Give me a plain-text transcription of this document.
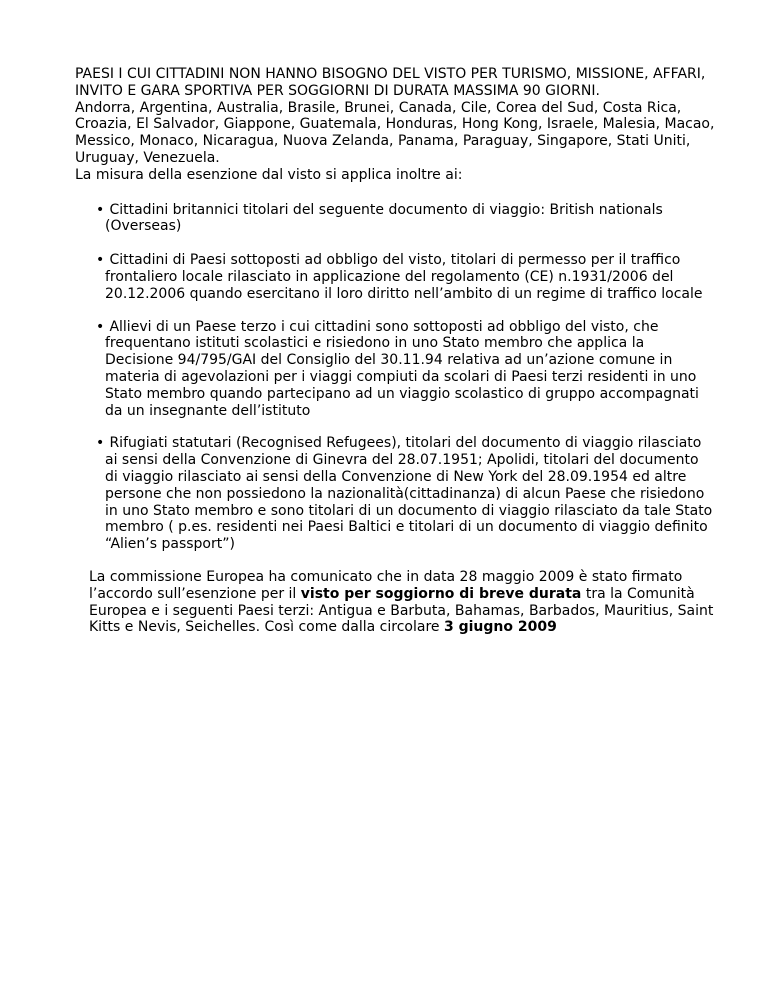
PAESI I CUI CITTADINI NON HANNO BISOGNO DEL VISTO PER TURISMO, MISSIONE, AFFARI, INVITO E GARA SPORTIVA PER SOGGIORNI DI DURATA MASSIMA 90 GIORNI.

Andorra, Argentina, Australia, Brasile, Brunei, Canada, Cile, Corea del Sud, Costa Rica, Croazia, El Salvador, Giappone, Guatemala, Honduras, Hong Kong, Israele, Malesia, Macao, Messico, Monaco, Nicaragua, Nuova Zelanda, Panama, Paraguay, Singapore, Stati Uniti, Uruguay, Venezuela.

La misura della esenzione dal visto si applica inoltre ai:

• Cittadini britannici titolari del seguente documento di viaggio: British nationals (Overseas)
• Cittadini di Paesi sottoposti ad obbligo del visto, titolari di permesso per il traffico frontaliero locale rilasciato in applicazione del regolamento (CE) n.1931/2006 del 20.12.2006 quando esercitano il loro diritto nell’ambito di un regime di traffico locale
• Allievi di un Paese terzo i cui cittadini sono sottoposti ad obbligo del visto, che frequentano istituti scolastici e risiedono in uno Stato membro che applica la Decisione 94/795/GAI del Consiglio del 30.11.94 relativa ad un’azione comune in materia di agevolazioni per i viaggi compiuti da scolari di Paesi terzi residenti in uno Stato membro quando partecipano ad un viaggio scolastico di gruppo accompagnati da un insegnante dell’istituto
• Rifugiati statutari (Recognised Refugees), titolari del documento di viaggio rilasciato ai sensi della Convenzione di Ginevra del 28.07.1951; Apolidi, titolari del documento di viaggio rilasciato ai sensi della Convenzione di New York del 28.09.1954 ed altre persone che non possiedono la nazionalità(cittadinanza) di alcun Paese che risiedono in uno Stato membro e sono titolari di un documento di viaggio rilasciato da tale Stato membro ( p.es. residenti nei Paesi Baltici e titolari di un documento di viaggio definito “Alien’s passport”)

La commissione Europea ha comunicato che in data 28 maggio 2009 è stato firmato l’accordo sull’esenzione per il visto per soggiorno di breve durata tra la Comunità Europea e i seguenti Paesi terzi: Antigua e Barbuta, Bahamas, Barbados, Mauritius, Saint Kitts e Nevis, Seichelles. Così come dalla circolare 3 giugno 2009
